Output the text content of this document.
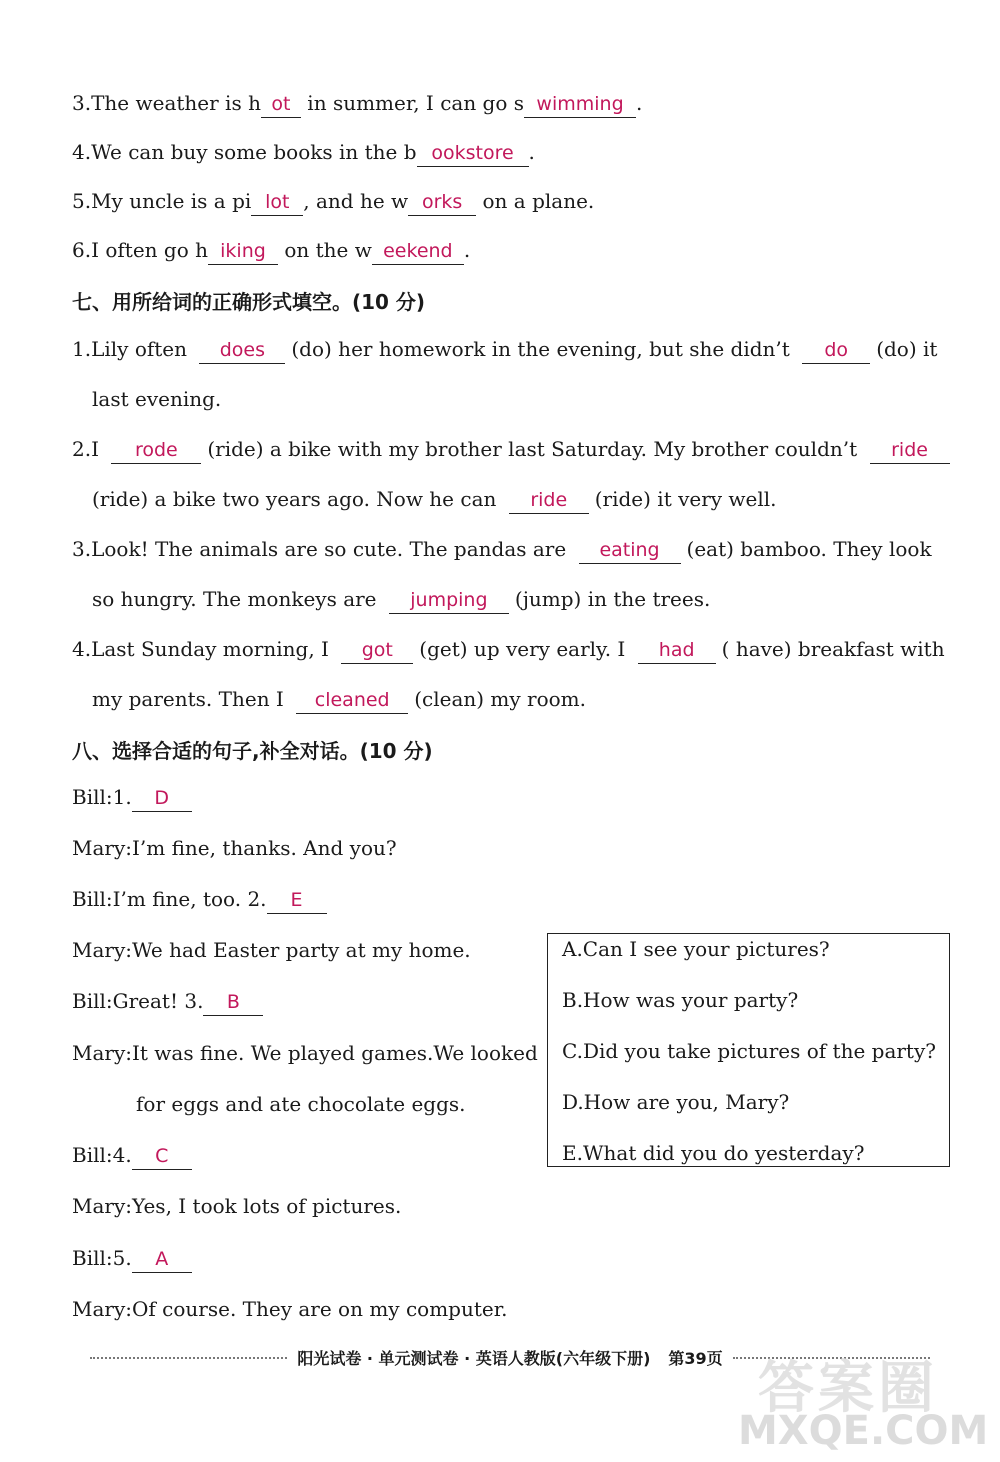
3.The weather is h ot in summer, I can go s wimming .
4.We can buy some books in the b ookstore .
5.My uncle is a pi lot , and he w orks on a plane.
6.I often go h iking on the w eekend .
七、用所给词的正确形式填空。(10 分)
1.Lily often does (do) her homework in the evening, but she didn’t do (do) it
last evening.
2.I rode (ride) a bike with my brother last Saturday. My brother couldn’t ride
(ride) a bike two years ago. Now he can ride (ride) it very well.
3.Look! The animals are so cute. The pandas are eating (eat) bamboo. They look
so hungry. The monkeys are jumping (jump) in the trees.
4.Last Sunday morning, I got (get) up very early. I had ( have) breakfast with
my parents. Then I cleaned (clean) my room.
八、选择合适的句子,补全对话。(10 分)
Bill:1. D
Mary:I’m fine, thanks. And you?
Bill:I’m fine, too. 2. E
Mary:We had Easter party at my home.
Bill:Great! 3. B
Mary:It was fine. We played games.We looked
for eggs and ate chocolate eggs.
Bill:4. C
Mary:Yes, I took lots of pictures.
Bill:5. A
Mary:Of course. They are on my computer.
A.Can I see your pictures?
B.How was your party?
C.Did you take pictures of the party?
D.How are you, Mary?
E.What did you do yesterday?
阳光试卷 · 单元测试卷 · 英语人教版(六年级下册) 第39页 答案圈
MXQE.COM
